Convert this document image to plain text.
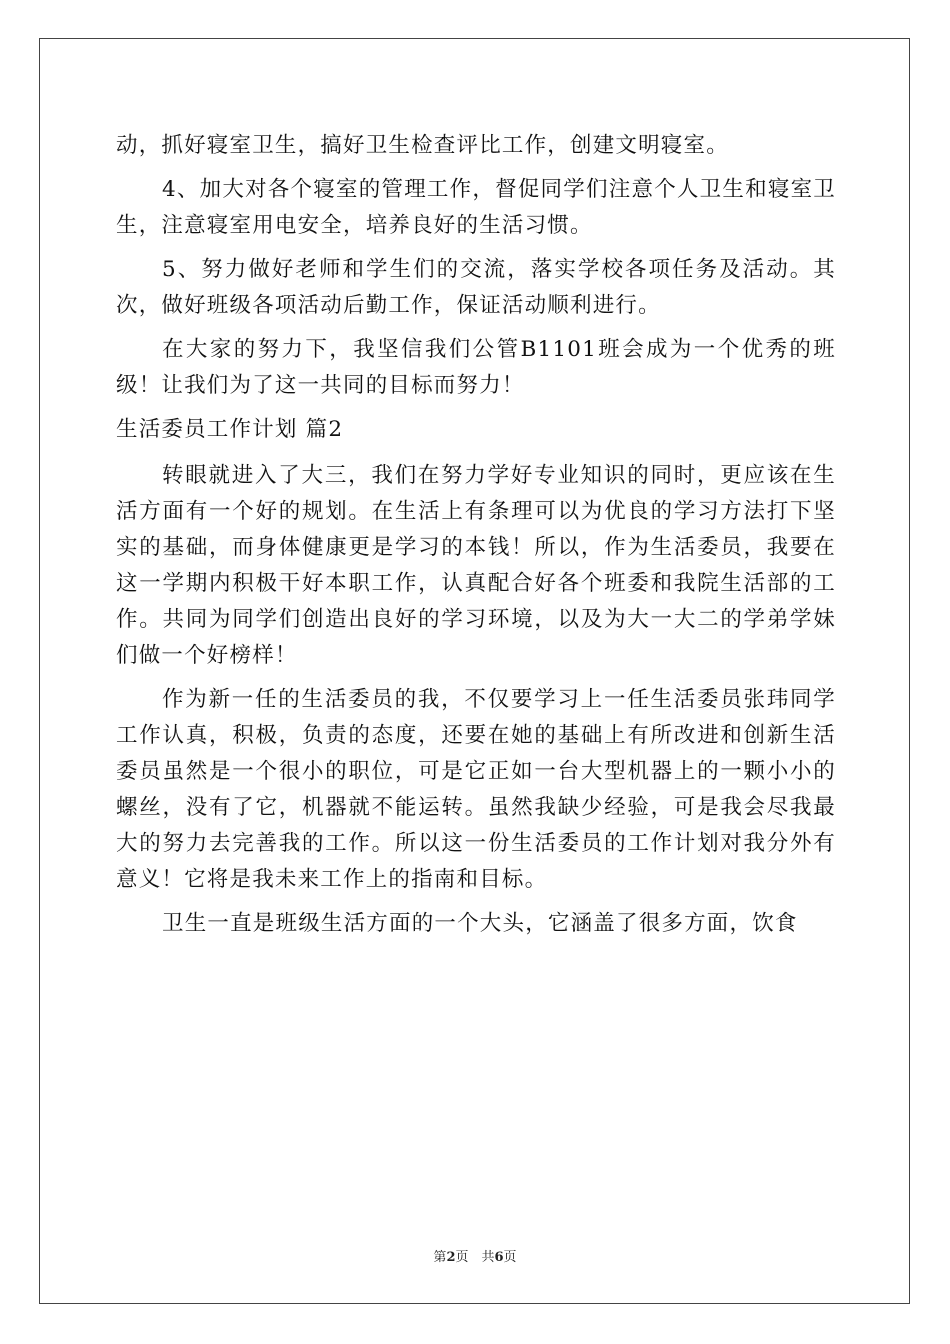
动，抓好寝室卫生，搞好卫生检查评比工作，创建文明寝室。

4、加大对各个寝室的管理工作，督促同学们注意个人卫生和寝室卫生，注意寝室用电安全，培养良好的生活习惯。

5、努力做好老师和学生们的交流，落实学校各项任务及活动。其次，做好班级各项活动后勤工作，保证活动顺利进行。

在大家的努力下，我坚信我们公管B1101班会成为一个优秀的班级！让我们为了这一共同的目标而努力！

生活委员工作计划 篇2

转眼就进入了大三，我们在努力学好专业知识的同时，更应该在生活方面有一个好的规划。在生活上有条理可以为优良的学习方法打下坚实的基础，而身体健康更是学习的本钱！所以，作为生活委员，我要在这一学期内积极干好本职工作，认真配合好各个班委和我院生活部的工作。共同为同学们创造出良好的学习环境，以及为大一大二的学弟学妹们做一个好榜样！

作为新一任的生活委员的我，不仅要学习上一任生活委员张玮同学工作认真，积极，负责的态度，还要在她的基础上有所改进和创新生活委员虽然是一个很小的职位，可是它正如一台大型机器上的一颗小小的螺丝，没有了它，机器就不能运转。虽然我缺少经验，可是我会尽我最大的努力去完善我的工作。所以这一份生活委员的工作计划对我分外有意义！它将是我未来工作上的指南和目标。

卫生一直是班级生活方面的一个大头，它涵盖了很多方面，饮食

第2页　共6页
